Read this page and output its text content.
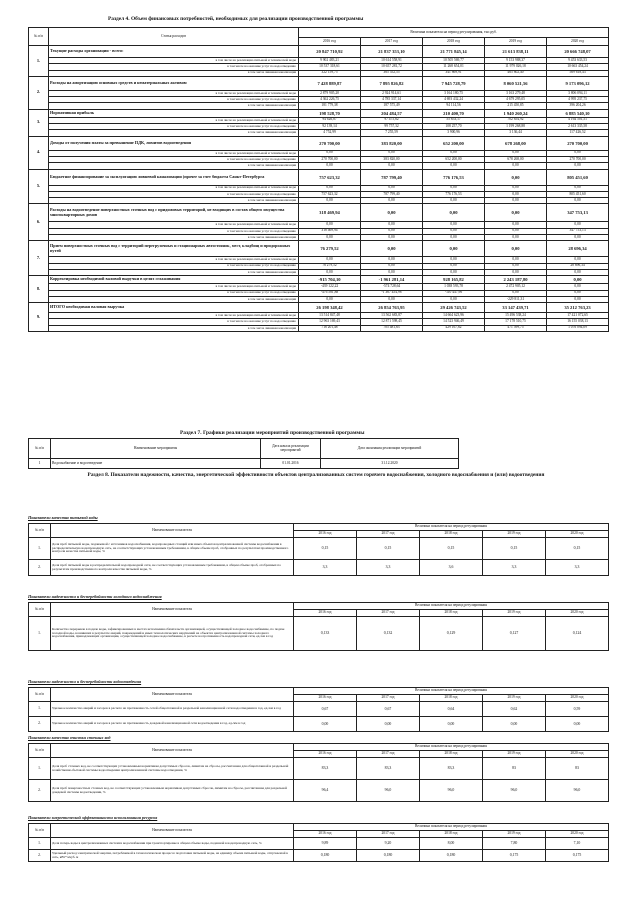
Раздел 4. Объем финансовых потребностей, необходимых для реализации производственной программы
№ п/п	Статья расходов	Величина показателя на период регулирования, тыс.руб.				
		2016 год	2017 год	2018 год	2019 год	2020 год
1.	Текущие расходы организации - всего:	20 847 710,92	21 837 353,10	21 771 845,14	21 613 838,11	20 666 748,07
	в том числе на реализацию питьевой и технической воды	9 902 483,21	10 614 558,91	10 505 569,77	9 153 988,37	9 453 633,53
	в том числе на оказание услуг по водоотведению	10 537 318,61	10 657 281,72	11 268 654,01	11 979 026,18	10 663 454,24
	в том числе ливневая канализация	322 159,75	365 552,55	341 869,91	465 802,40	569 618,43
2.	Расходы на амортизацию основных средств и нематериальных активов:	7 428 889,87	7 895 826,82	7 945 728,79	8 060 521,56	9 173 096,12
	в том числе на реализацию питьевой и технической воды	2 879 905,20	2 924 914,61	3 164 180,75	3 163 279,48	3 806 094,11
	в том числе на оказание услуг по водоотведению	4 362 226,75	4 785 337,14	4 693 432,24	4 679 295,05	4 995 237,75
	в том числе ливневая канализация	181 779,38	187 575,49	94 114,56	215 450,85	396 204,26
3.	Нормативная прибыль	198 528,70	204 484,57	210 400,70	1 940 260,24	6 885 540,10
	в том числе на реализацию питьевой и технической воды	94 626,87	97 475,62	55 853,17	702 854,92	4 164 501,51
	в том числе на оказание услуг по водоотведению	92 139,14	99 757,32	108 257,70	1 199 268,88	2 613 335,58
	в том числе ливневая канализация	4 752,99	7 255,59	3 900,96	3 136,44	117 426,52
4.	Доходы от получения платы за превышение ПДК, лимитов водоотведения	270 700,00	383 820,00	652 200,00	678 268,00	270 700,00
	в том числе на реализацию питьевой и технической воды	0,00	0,00	0,00	0,00	0,00
	в том числе на оказание услуг по водоотведению	270 700,00	383 820,00	652 200,00	678 268,00	270 700,00
	в том числе ливневая канализация	0,00	0,00	0,00	0,00	0,00
5.	Бюджетное финансирование за эксплуатацию ливневой канализации (прочее за счет бюджета Санкт-Петербурга	757 623,32	787 799,40	776 176,53	0,00	805 451,60
	в том числе на реализацию питьевой и технической воды	0,00	0,00	0,00	0,00	0,00
	в том числе на оказание услуг по водоотведению	757 623,32	787 799,40	776 176,53	0,00	805 451,60
	в том числе ливневая канализация	0,00	0,00	0,00	0,00	0,00
6.	Расходы на водоотведение поверхностных сточных вод с придомовых территорий, не входящих в состав общего имущества многоквартирных домов	318 469,94	0,00	0,00	0,00	347 753,13
	в том числе на реализацию питьевой и технической воды	0,00	0,00	0,00	0,00	0,00
	в том числе на оказание услуг по водоотведению	318 469,94	0,00	0,00	0,00	347 753,13
	в том числе ливневая канализация	0,00	0,00	0,00	0,00	0,00
7.	Прием поверхностных сточных вод с территорий перегрузочных и стационарных автостоянок, мест, кладбищ и придорожных путей	76 279,52	0,00	0,00	0,00	28 696,34
	в том числе на реализацию питьевой и технической воды	0,00	0,00	0,00	0,00	0,00
	в том числе на оказание услуг по водоотведению	76 279,52	0,00	0,00	0,00	28 696,34
	в том числе ливневая канализация	0,00	0,00	0,00	0,00	0,00
8.	Корректировка необходимой валовой выручки в целях сглаживания	-915 704,10	-1 961 281,14	928 165,82	2 243 187,80	0,00
	в том числе на реализацию питьевой и технической воды	-439 122,22	-574 728,64	1 038 593,78	2 472 905,12	0,00
	в том числе на оказание услуг по водоотведению	-476 581,88	-1 367 454,98	-110 447,96	0,00	0,00
	в том числе ливневая канализация	0,00	0,00	0,00	-229 811,31	0,00
9.	ИТОГО необходимая валовая выручка	26 198 348,42	26 854 763,95	29 426 743,52	33 147 439,71	35 212 763,23
	в том числе на реализацию питьевой и технической воды	13 514 847,48	13 562 683,87	14 664 623,96	15 496 538,24	17 421 072,65
	в том числе на оказание услуг по водоотведению	12 963 169,43	12 871 598,45	14 523 946,49	17 178 510,75	16 155 038,13
	в том числе ливневая канализация	716 201,48	705 481,63	429 167,62	471 599,75	1 076 094,09
Раздел 7. Графики реализации мероприятий производственной программы
№ п/п	Наименование мероприятия	Дата начала реализации мероприятий	Дата окончания реализации мероприятий
1	Водоснабжение и водоотведение	01.01.2016	31.12.2020
Раздел 8. Показатели надежности, качества, энергетической эффективности объектов централизованных систем горячего водоснабжения, холодного водоснабжения и (или) водоотведения
Показатели качества питьевой воды
№ п/п	Наименование показателя	Величина показателя на период регулирования				
		2016 год	2017 год	2018 год	2019 год	2020 год
1.	Доля проб питьевой воды, подаваемой с источников водоснабжения, водопроводных станций или иных объектов централизованной системы водоснабжения в распределительную водопроводную сеть, не соответствующих установленным требованиям, в общем объеме проб, отобранных по результатам производственного контроля качества питьевой воды, %	0,15	0,15	0,15	0,15	0,15
2.	Доля проб питьевой воды в распределительной водопроводной сети, не соответствующих установленным требованиям, в общем объеме проб, отобранных по результатам производственного контроля качества питьевой воды, %	3,3	3,3	3,6	3,3	3,3
Показатели надежности и бесперебойности холодного водоснабжения
№ п/п	Наименование показателя	Величина показателя на период регулирования				
		2016 год	2017 год	2018 год	2019 год	2020 год
1.	Количество перерывов в подаче воды, зафиксированных в местах исполнения обязательств организацией, осуществляющей холодное водоснабжение, по подаче холодной воды, возникших в результате аварий, повреждений и иных технологических нарушений на объектах централизованной системы холодного водоснабжения, принадлежащих организации, осуществляющей холодное водоснабжение, в расчете на протяженность водопроводной сети, ед./км в год	0,133	0,132	0,129	0,127	0,124
Показатели надежности и бесперебойности водоотведения
№ п/п	Наименование показателя	Величина показателя на период регулирования				
		2016 год	2017 год	2018 год	2019 год	2020 год
1.	Удельное количество аварий и засоров в расчете на протяженность сетей общесплавной и раздельной канализационной сети водоотведения в год, ед./км в год	0,67	0,67	0,64	0,62	0,59
2.	Удельное количество аварий и засоров в расчете на протяженность дождевой канализационной сети водоотведения в год, ед./км в год	0,00	0,00	0,00	0,00	0,00
Показатели качества очистки сточных вод
№ п/п	Наименование показателя	Величина показателя на период регулирования				
		2016 год	2017 год	2018 год	2019 год	2020 год
1.	Доля проб сточных вод, не соответствующих установленным нормативам допустимых сбросов, лимитам на сбросы, рассчитанная для общесплавной и раздельной хозяйственно-бытовой системы водоотведения централизованной системы водоотведения, %	83,3	83,3	83,3	83	83
2.	Доля проб поверхностных сточных вод, не соответствующих установленным нормативам допустимых сбросов, лимитам на сбросы, рассчитанная для раздельной дождевой системы водоотведения, %	96,4	96,0	96,0	96,0	96,0
Показатели энергетической эффективности использования ресурсов
№ п/п	Наименование показателя	Величина показателя на период регулирования				
		2016 год	2017 год	2018 год	2019 год	2020 год
1.	Доля потерь воды в централизованных системах водоснабжения при транспортировке в общем объеме воды, поданной в водопроводную сеть, %	9,89	9,20	8,00	7,80	7,10
2.	Удельный расход электрической энергии, потребляемой в технологическом процессе подготовки питьевой воды, на единицу объема питьевой воды, отпускаемой в сеть, кВт*ч/куб. м	0,180	0,180	0,180	0,175	0,175
